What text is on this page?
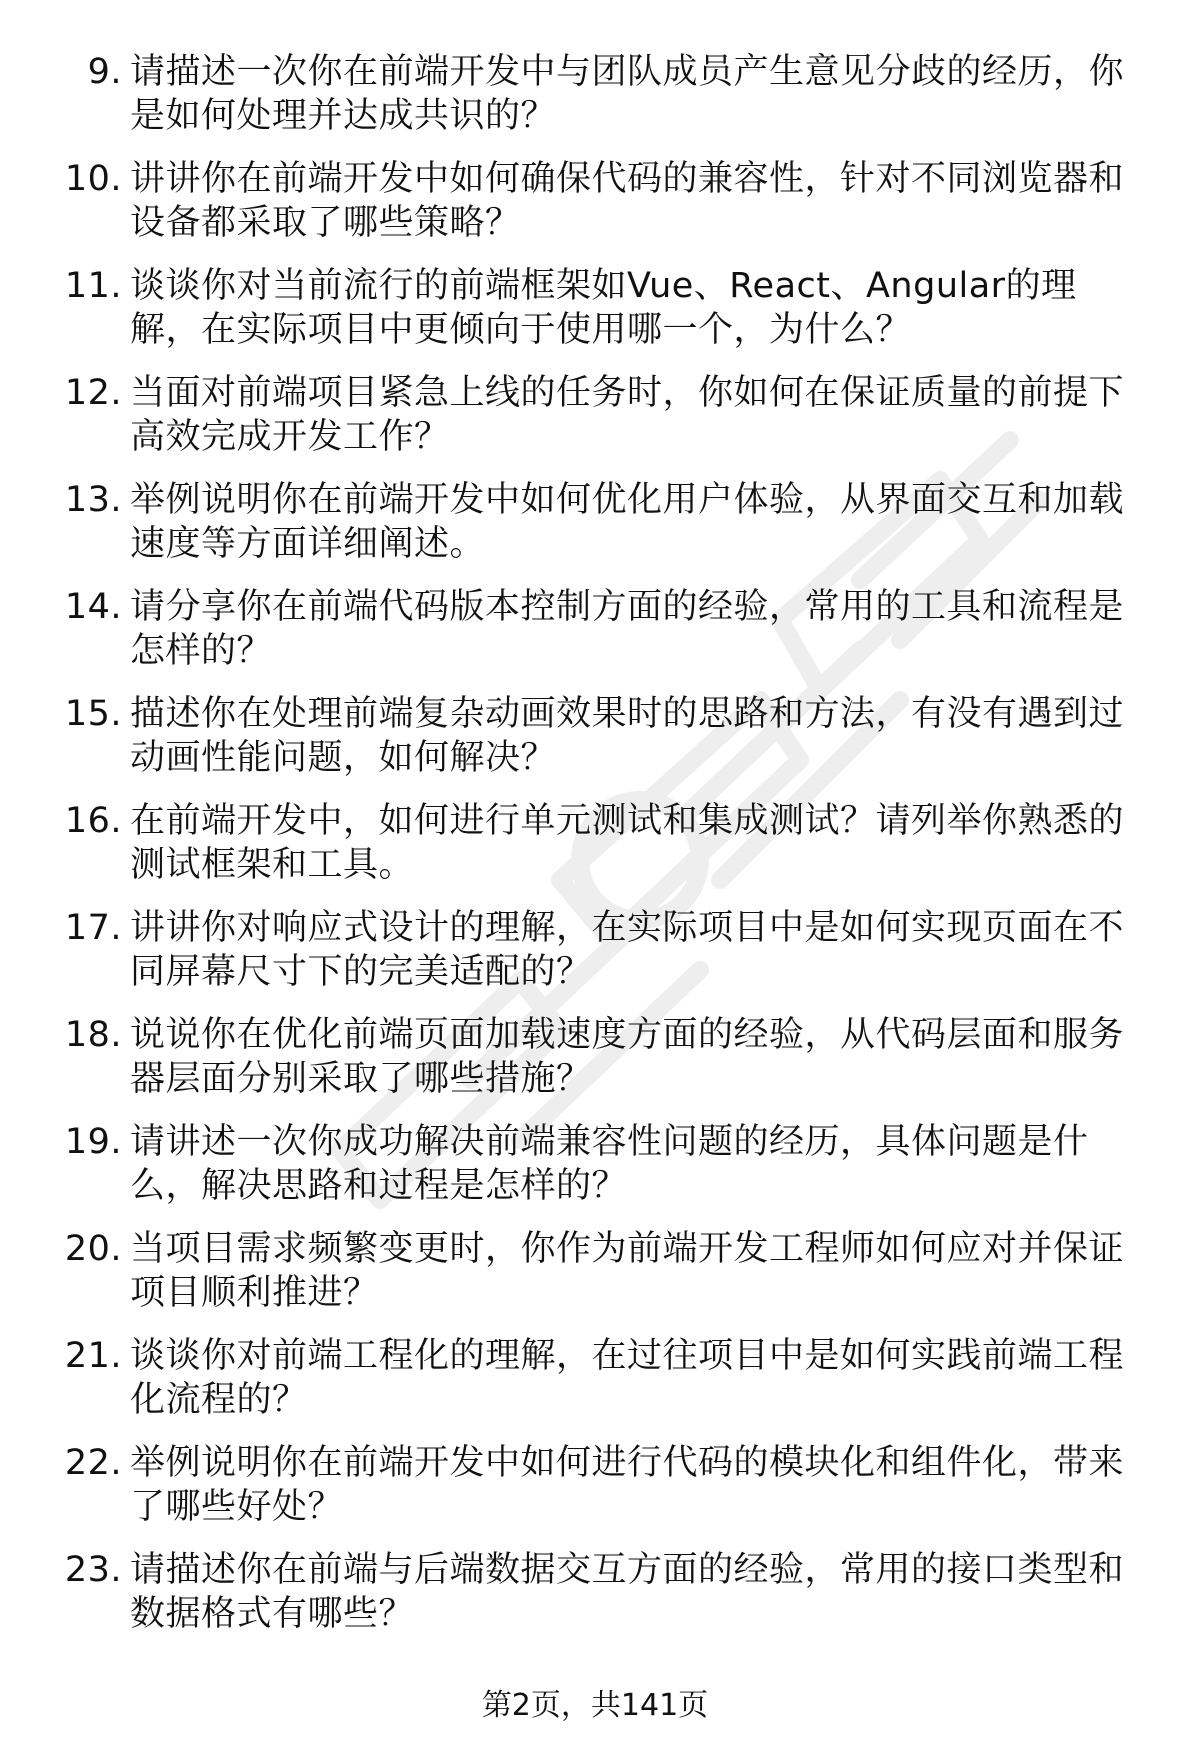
9. 请描述一次你在前端开发中与团队成员产生意见分歧的经历，你是如何处理并达成共识的？
10. 讲讲你在前端开发中如何确保代码的兼容性，针对不同浏览器和设备都采取了哪些策略？
11. 谈谈你对当前流行的前端框架如Vue、React、Angular的理解，在实际项目中更倾向于使用哪一个，为什么？
12. 当面对前端项目紧急上线的任务时，你如何在保证质量的前提下高效完成开发工作？
13. 举例说明你在前端开发中如何优化用户体验，从界面交互和加载速度等方面详细阐述。
14. 请分享你在前端代码版本控制方面的经验，常用的工具和流程是怎样的？
15. 描述你在处理前端复杂动画效果时的思路和方法，有没有遇到过动画性能问题，如何解决？
16. 在前端开发中，如何进行单元测试和集成测试？请列举你熟悉的测试框架和工具。
17. 讲讲你对响应式设计的理解，在实际项目中是如何实现页面在不同屏幕尺寸下的完美适配的？
18. 说说你在优化前端页面加载速度方面的经验，从代码层面和服务器层面分别采取了哪些措施？
19. 请讲述一次你成功解决前端兼容性问题的经历，具体问题是什么，解决思路和过程是怎样的？
20. 当项目需求频繁变更时，你作为前端开发工程师如何应对并保证项目顺利推进？
21. 谈谈你对前端工程化的理解，在过往项目中是如何实践前端工程化流程的？
22. 举例说明你在前端开发中如何进行代码的模块化和组件化，带来了哪些好处？
23. 请描述你在前端与后端数据交互方面的经验，常用的接口类型和数据格式有哪些？
第2页，共141页
